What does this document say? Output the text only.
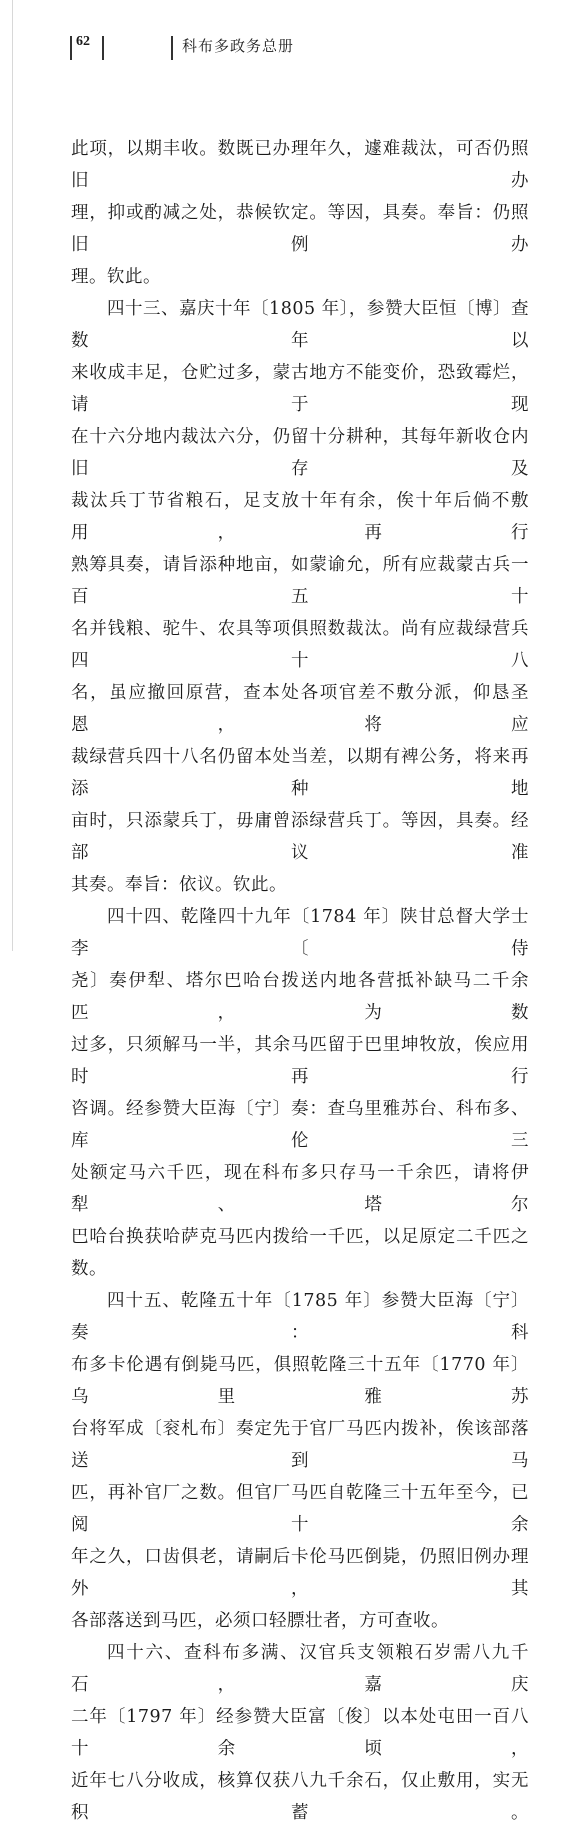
62	科布多政务总册
此项，以期丰收。数既已办理年久，遽难裁汰，可否仍照旧办
理，抑或酌减之处，恭候钦定。等因，具奏。奉旨：仍照旧例办
理。钦此。
四十三、嘉庆十年〔1805 年〕，参赞大臣恒〔博〕查数年以
来收成丰足，仓贮过多，蒙古地方不能变价，恐致霉烂，请于现
在十六分地内裁汰六分，仍留十分耕种，其每年新收仓内旧存及
裁汰兵丁节省粮石，足支放十年有余，俟十年后倘不敷用，再行
熟筹具奏，请旨添种地亩，如蒙谕允，所有应裁蒙古兵一百五十
名并钱粮、驼牛、农具等项俱照数裁汰。尚有应裁绿营兵四十八
名，虽应撤回原营，查本处各项官差不敷分派，仰恳圣恩，将应
裁绿营兵四十八名仍留本处当差，以期有裨公务，将来再添种地
亩时，只添蒙兵丁，毋庸曾添绿营兵丁。等因，具奏。经部议准
其奏。奉旨：依议。钦此。
四十四、乾隆四十九年〔1784 年〕陕甘总督大学士李〔侍
尧〕奏伊犁、塔尔巴哈台拨送内地各营抵补缺马二千余匹，为数
过多，只须解马一半，其余马匹留于巴里坤牧放，俟应用时再行
咨调。经参赞大臣海〔宁〕奏：查乌里雅苏台、科布多、库伦三
处额定马六千匹，现在科布多只存马一千余匹，请将伊犁、塔尔
巴哈台换获哈萨克马匹内拨给一千匹，以足原定二千匹之数。
四十五、乾隆五十年〔1785 年〕参赞大臣海〔宁〕奏：科
布多卡伦遇有倒毙马匹，俱照乾隆三十五年〔1770 年〕乌里雅苏
台将军成〔衮札布〕奏定先于官厂马匹内拨补，俟该部落送到马
匹，再补官厂之数。但官厂马匹自乾隆三十五年至今，已阅十余
年之久，口齿俱老，请嗣后卡伦马匹倒毙，仍照旧例办理外，其
各部落送到马匹，必须口轻膘壮者，方可查收。
四十六、查科布多满、汉官兵支领粮石岁需八九千石，嘉庆
二年〔1797 年〕经参赞大臣富〔俊〕以本处屯田一百八十余顷，
近年七八分收成，核算仅获八九千余石，仅止敷用，实无积蓄。
